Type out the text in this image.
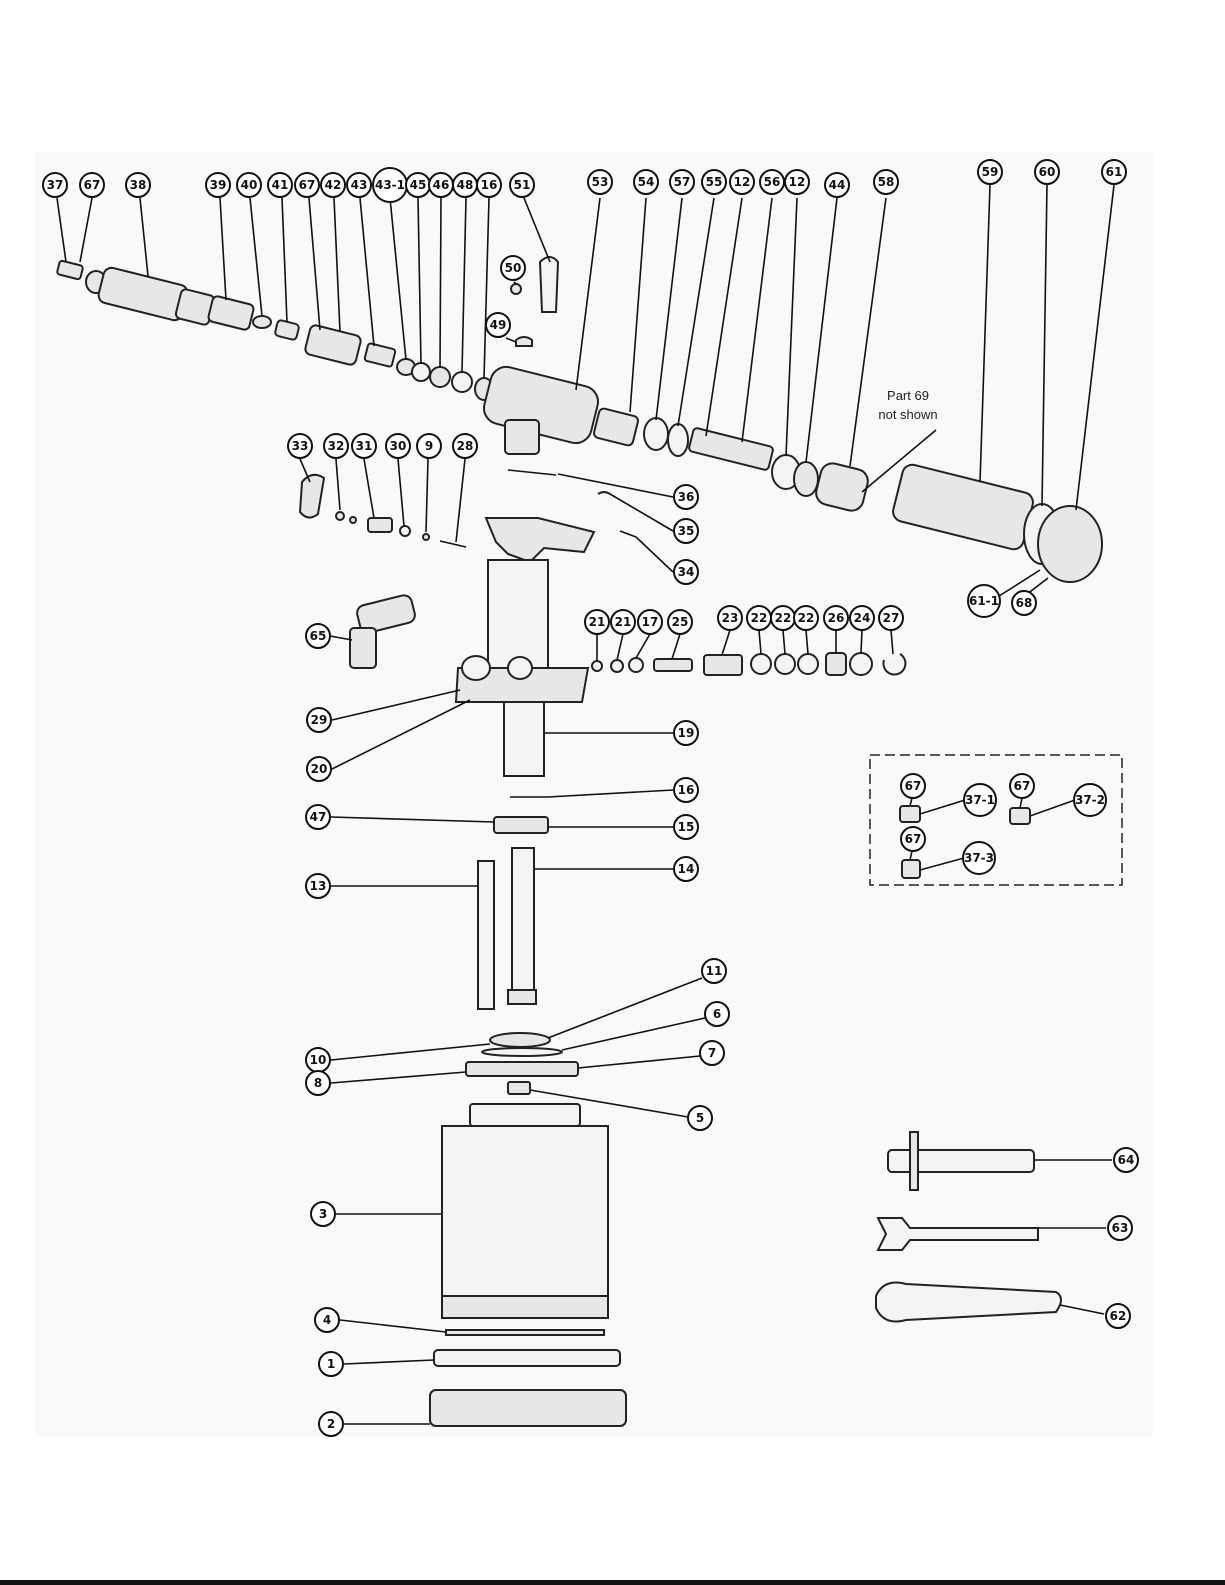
Part 69
not shown
37 67 38	39 40 41 67 42 43 43-1 45 46 48 16 51
50
49
53 54 57 55 12 56 12 44	58
59	60	61
61-1 68
33 32 31 30 9 28
36
35
34
65
21 21 17 25	23 22 22 22 26 24 27
29
20
19
16
47
15
13
14
11
6
10	7
8
5
3
4
1
2
64
63
62
67
37-1
67
37-2
67
37-3
